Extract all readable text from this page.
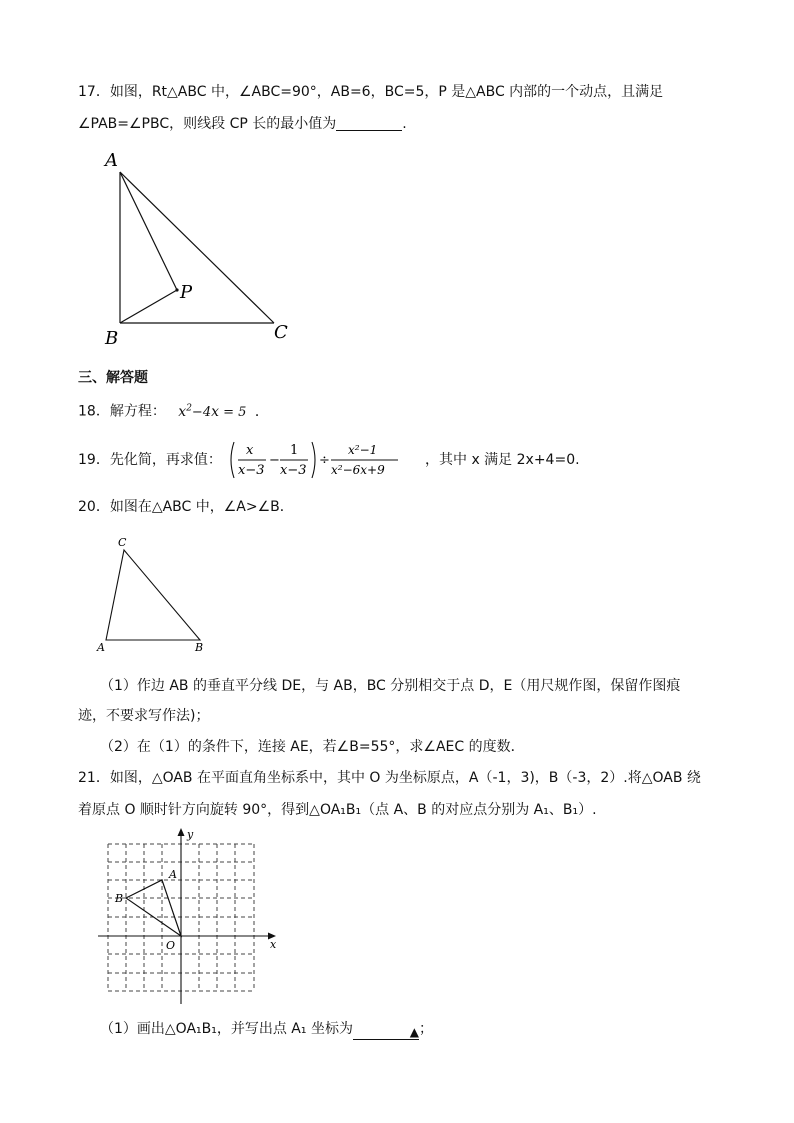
17．如图，Rt△ABC 中，∠ABC=90°，AB=6，BC=5，P 是△ABC 内部的一个动点，且满足
∠PAB=∠PBC，则线段 CP 长的最小值为	.
A
B	C
P
三、解答题
18．解方程： $x^2-4x = 5$ ．
19．先化简，再求值：
x
x−3
−
1
x−3
÷
x²−1
x²−6x+9
，其中 x 满足 2x+4=0.
20．如图在△ABC 中，∠A>∠B．
C
A	B
（1）作边 AB 的垂直平分线 DE，与 AB，BC 分别相交于点 D，E（用尺规作图，保留作图痕
迹，不要求写作法)；
（2）在（1）的条件下，连接 AE，若∠B=55°，求∠AEC 的度数．
21．如图，△OAB 在平面直角坐标系中，其中 O 为坐标原点，A（-1，3)，B（-3，2）.将△OAB 绕
着原点 O 顺时针方向旋转 90°，得到△OA₁B₁（点 A、B 的对应点分别为 A₁、B₁）.
y
x
O
A
B
（1）画出△OA₁B₁，并写出点 A₁ 坐标为	▲；
